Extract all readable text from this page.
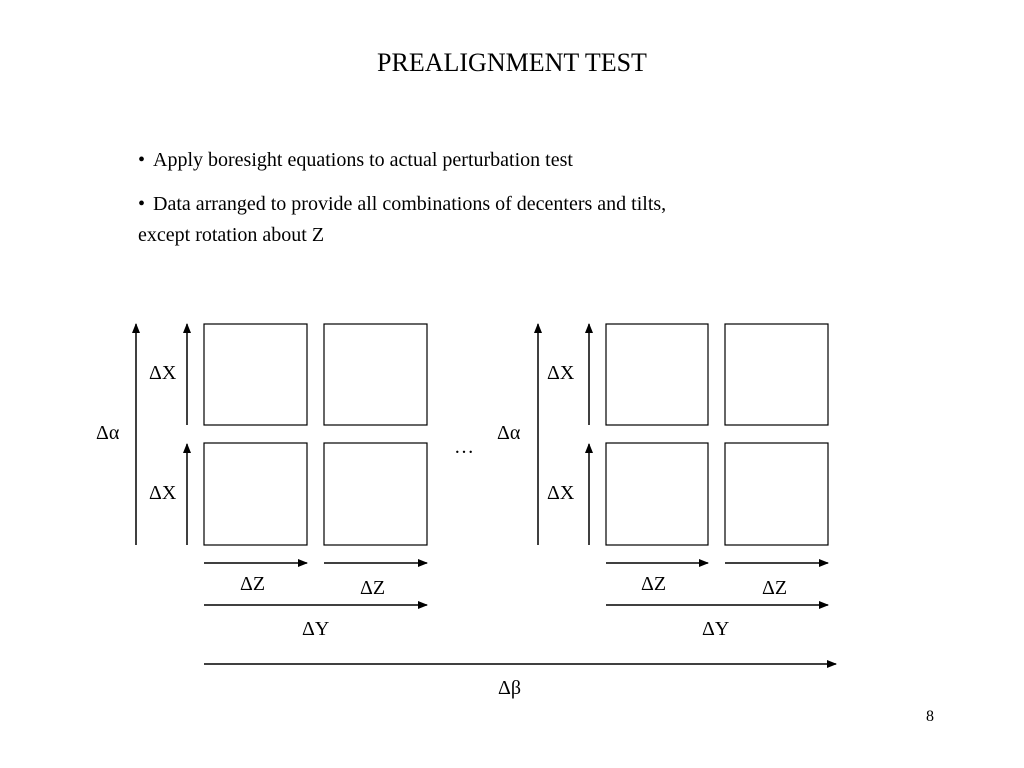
PREALIGNMENT TEST
• Apply boresight equations to actual perturbation test
• Data arranged to provide all combinations of decenters and tilts,
except rotation about Z
ΔX
ΔX
Δα
ΔX
ΔX
Δα
…
ΔZ	ΔZ	ΔZ	ΔZ
ΔY	ΔY
Δβ
8
